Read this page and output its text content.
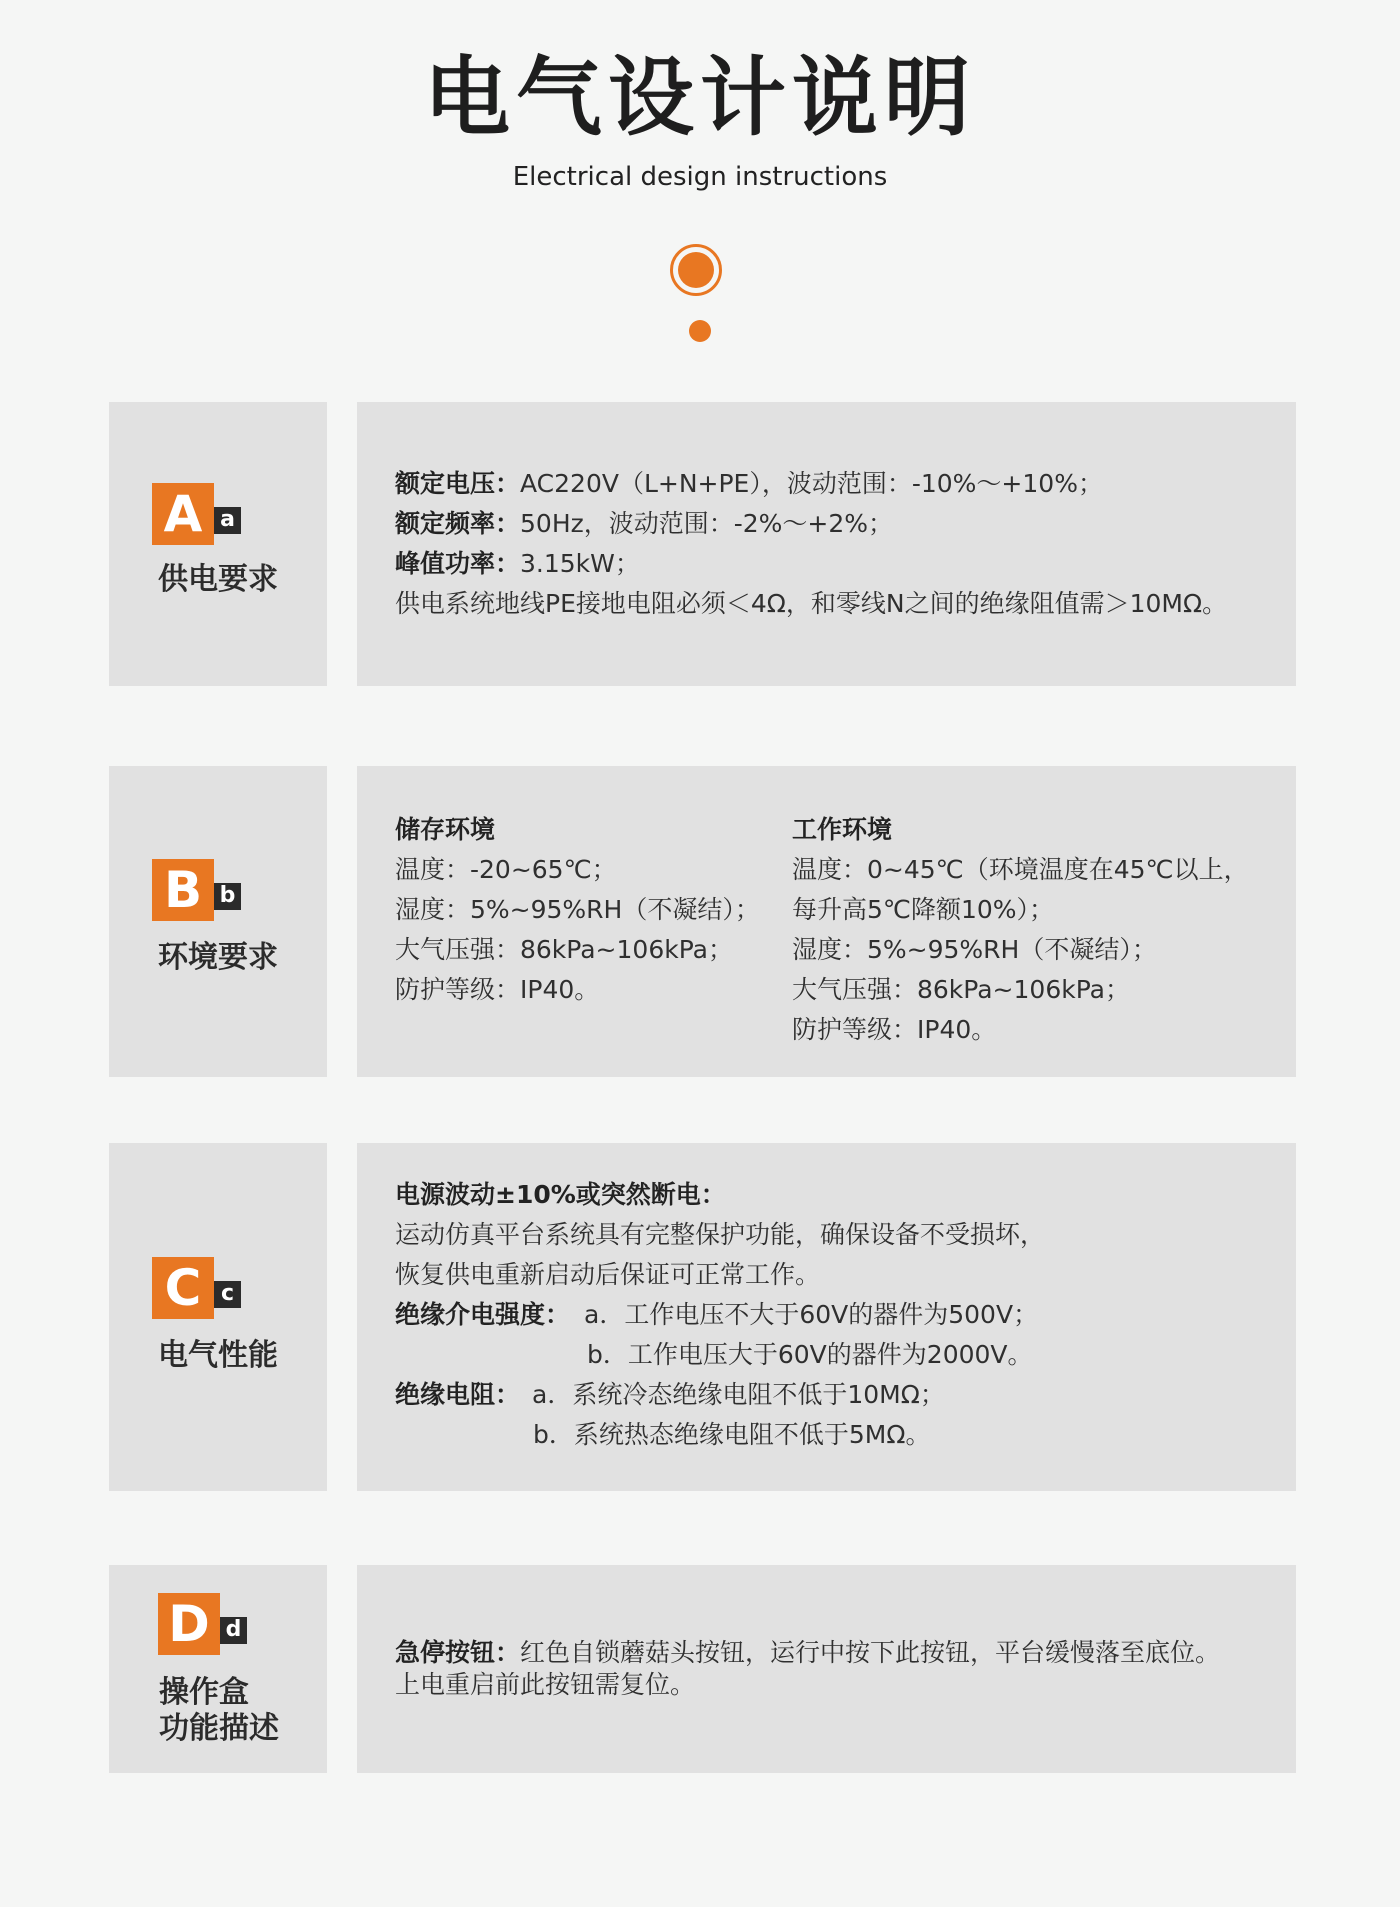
电气设计说明
Electrical design instructions
A a
供电要求
额定电压：AC220V（L+N+PE），波动范围：-10%～+10%；
额定频率：50Hz，波动范围：-2%～+2%；
峰值功率：3.15kW；
供电系统地线PE接地电阻必须＜4Ω，和零线N之间的绝缘阻值需＞10MΩ。
B b
环境要求
储存环境
温度：-20~65℃；
湿度：5%~95%RH（不凝结）；
大气压强：86kPa~106kPa；
防护等级：IP40。
工作环境
温度：0~45℃（环境温度在45℃以上，
每升高5℃降额10%）；
湿度：5%~95%RH（不凝结）；
大气压强：86kPa~106kPa；
防护等级：IP40。
C c
电气性能
电源波动±10%或突然断电：
运动仿真平台系统具有完整保护功能，确保设备不受损坏，
恢复供电重新启动后保证可正常工作。
绝缘介电强度： a．工作电压不大于60V的器件为500V；
b．工作电压大于60V的器件为2000V。
绝缘电阻： a．系统冷态绝缘电阻不低于10MΩ；
b．系统热态绝缘电阻不低于5MΩ。
D d
操作盒
功能描述
急停按钮：红色自锁蘑菇头按钮，运行中按下此按钮，平台缓慢落至底位。
上电重启前此按钮需复位。
